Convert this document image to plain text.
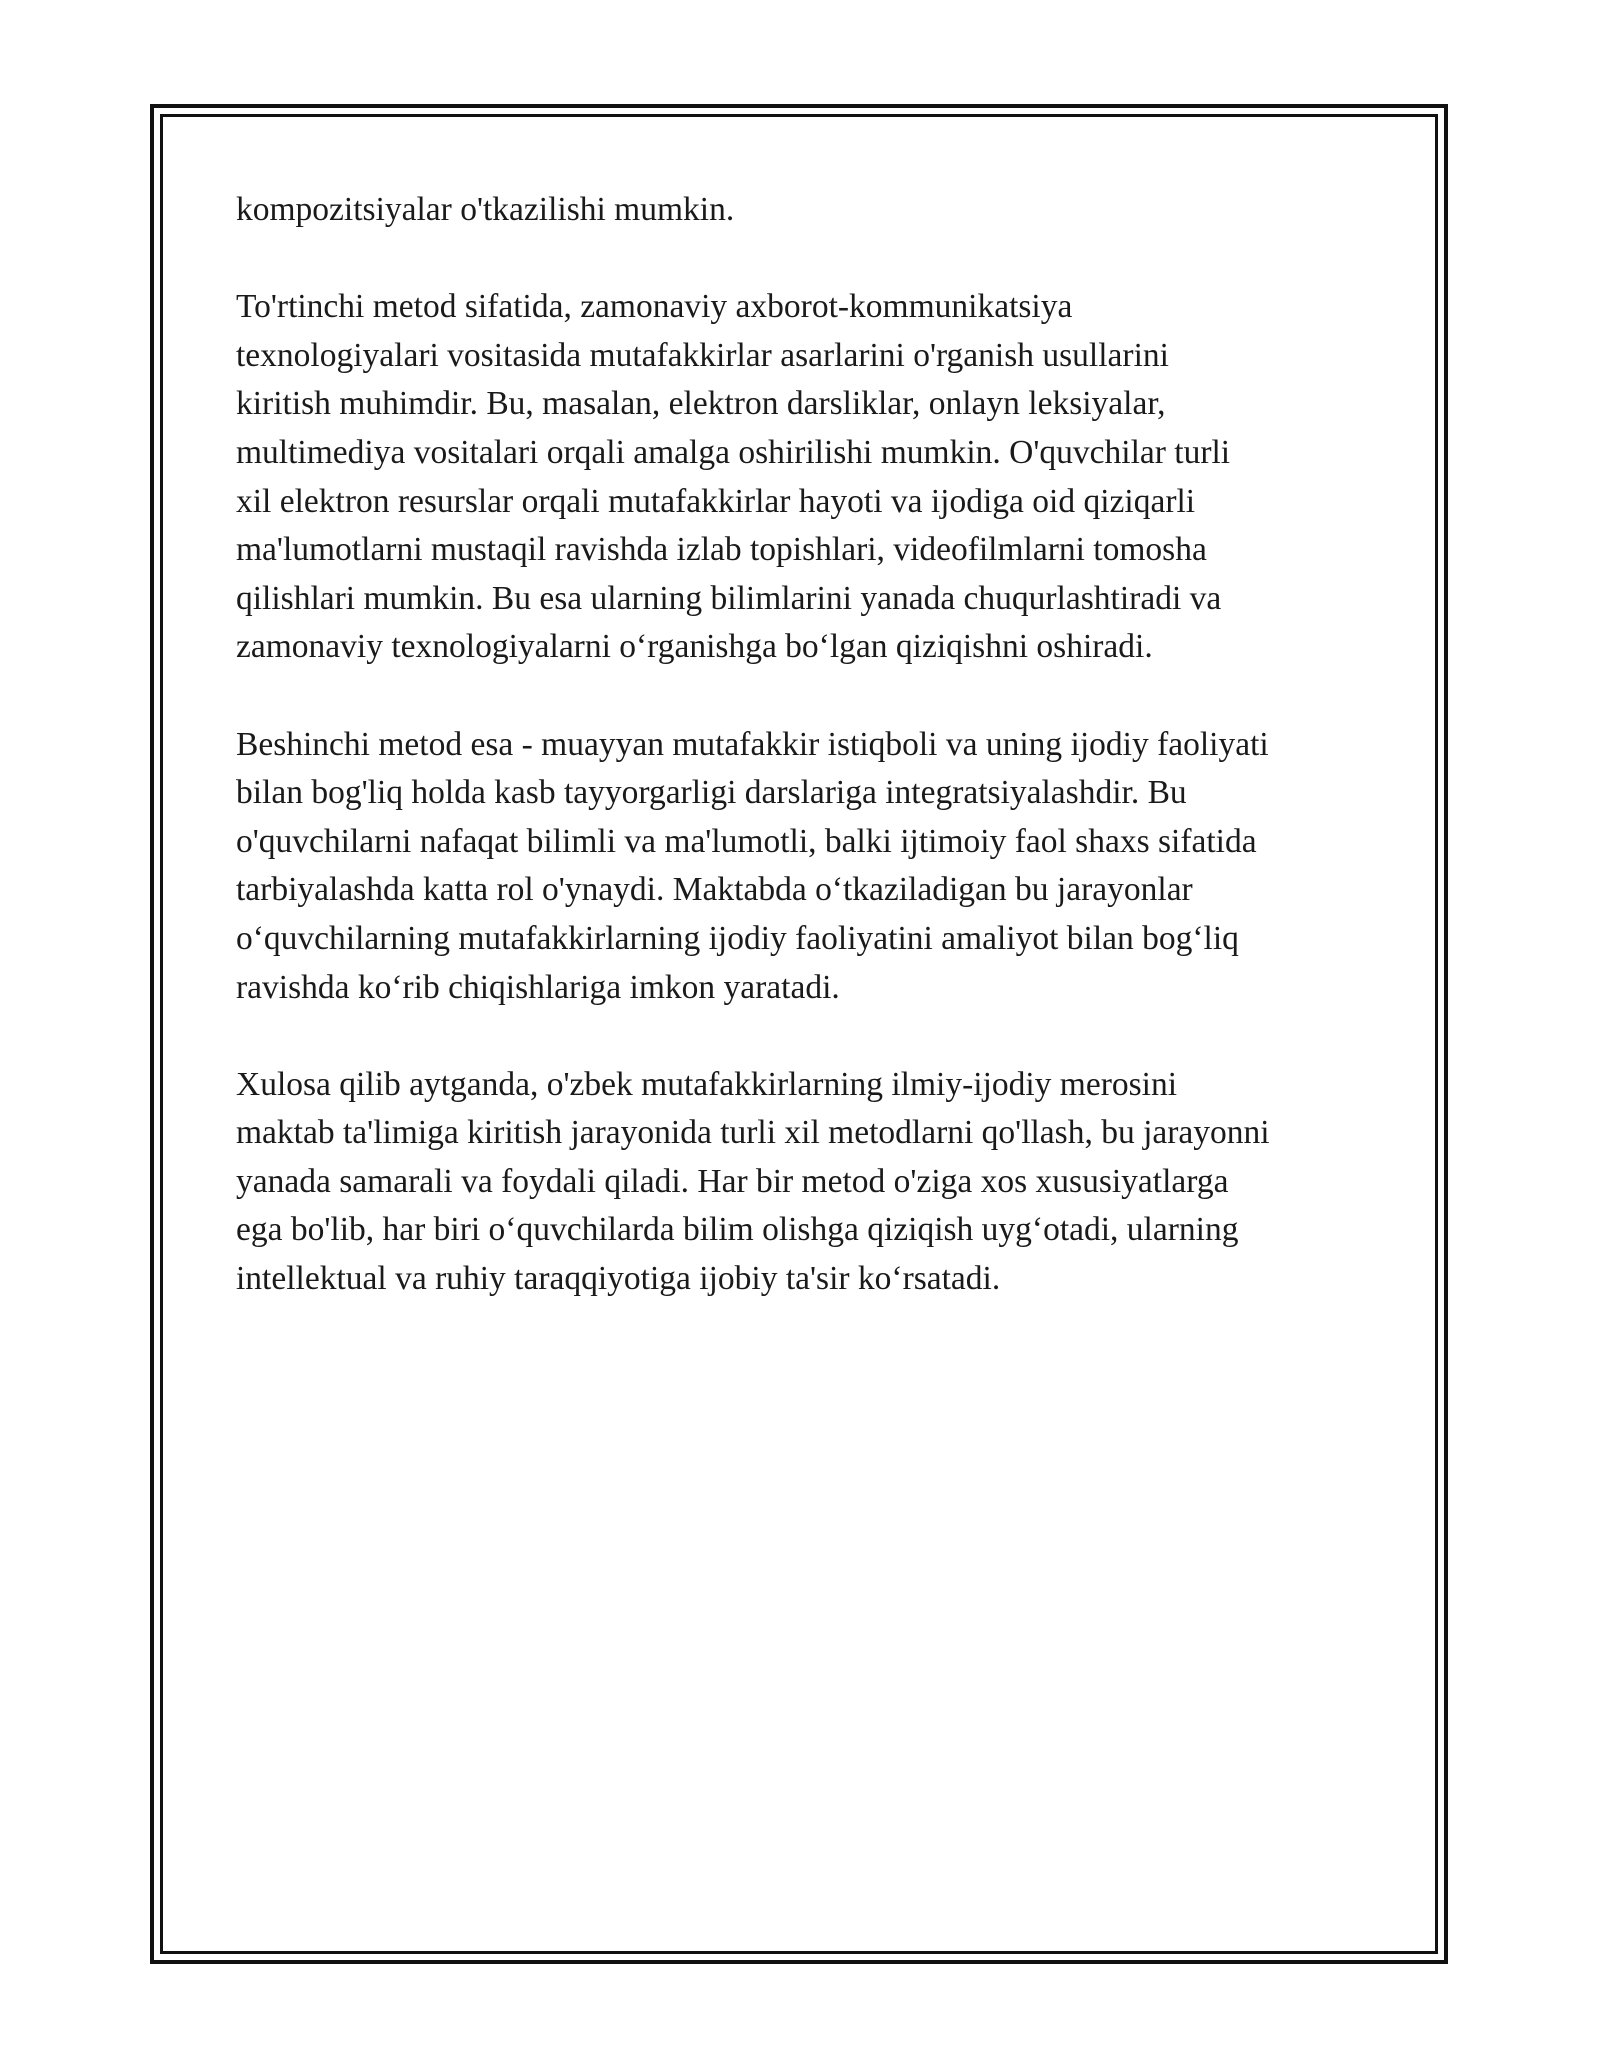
kompozitsiyalar o'tkazilishi mumkin.

To'rtinchi metod sifatida, zamonaviy axborot-kommunikatsiya
texnologiyalari vositasida mutafakkirlar asarlarini o'rganish usullarini
kiritish muhimdir. Bu, masalan, elektron darsliklar, onlayn leksiyalar,
multimediya vositalari orqali amalga oshirilishi mumkin. O'quvchilar turli
xil elektron resurslar orqali mutafakkirlar hayoti va ijodiga oid qiziqarli
ma'lumotlarni mustaqil ravishda izlab topishlari, videofilmlarni tomosha
qilishlari mumkin. Bu esa ularning bilimlarini yanada chuqurlashtiradi va
zamonaviy texnologiyalarni o‘rganishga bo‘lgan qiziqishni oshiradi.

Beshinchi metod esa - muayyan mutafakkir istiqboli va uning ijodiy faoliyati
bilan bog'liq holda kasb tayyorgarligi darslariga integratsiyalashdir. Bu
o'quvchilarni nafaqat bilimli va ma'lumotli, balki ijtimoiy faol shaxs sifatida
tarbiyalashda katta rol o'ynaydi. Maktabda o‘tkaziladigan bu jarayonlar
o‘quvchilarning mutafakkirlarning ijodiy faoliyatini amaliyot bilan bog‘liq
ravishda ko‘rib chiqishlariga imkon yaratadi.

Xulosa qilib aytganda, o'zbek mutafakkirlarning ilmiy-ijodiy merosini
maktab ta'limiga kiritish jarayonida turli xil metodlarni qo'llash, bu jarayonni
yanada samarali va foydali qiladi. Har bir metod o'ziga xos xususiyatlarga
ega bo'lib, har biri o‘quvchilarda bilim olishga qiziqish uyg‘otadi, ularning
intellektual va ruhiy taraqqiyotiga ijobiy ta'sir ko‘rsatadi.
